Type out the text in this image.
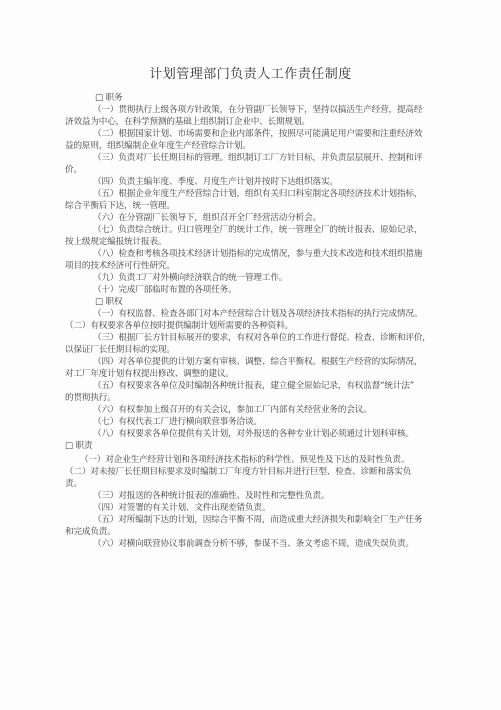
计划管理部门负责人工作责任制度
□ 职务
（一）贯彻执行上级各项方针政策，在分管副厂长领导下，坚持以搞活生产经营，提高经
济效益为中心，在科学预测的基础上组织制订企业中、长期规划。
（二）根据国家计划、市场需要和企业内部条件，按照尽可能满足用户需要和注重经济效
益的原则，组织编制企业年度生产经营综合计划。
（三）负责对厂长任期目标的管理。组织制订工厂方针目标，并负责层层展开、控制和评
价。
（四）负责主编年度、季度、月度生产计划并按时下达组织落实。
（五）根据企业年度生产经营综合计划，组织有关归口科室制定各项经济技术计划指标，
综合平衡后下达，统一管理。
（六）在分管副厂长领导下，组织召开全厂经营活动分析会。
（七）负责综合统计。归口管理全厂的统计工作，统一管理全厂的统计报表、原始记录，
按上级规定编报统计报表。
（八）检查和考核各项技术经济计划指标的完成情况，参与重大技术改造和技术组织措施
项目的技术经济可行性研究。
（九）负责工厂对外横向经济联合的统一管理工作。
（十）完成厂部临时布置的各项任务。
□ 职权
（一）有权监督、检查各部门对本产经营综合计划及各项经济技术指标的执行完成情况。
（二）有权要求各单位按时提供编制计划所需要的各种资料。
（三）根据厂长方针目标展开的要求，有权对各单位的工作进行督促、检查、诊断和评价，
以保证厂长任期目标的实现。
（四）对各单位提供的计划方案有审核、调整、综合平衡权。根据生产经营的实际情况，
对工厂年度计划有权提出修改、调整的建议。
（五）有权要求各单位及时编制各种统计报表，建立健全原始记录，有权监督“统计法”
的贯彻执行。
（六）有权参加上级召开的有关会议，参加工厂内部有关经营业务的会议。
（七）有权代表工厂进行横向联营事务洽谈。
（八）有权要求各单位提供有关计划，对外报送的各种专业计划必须通过计划科审核。
□ 职责
（一）对企业生产经营计划和各项经济技术指标的科学性、预见性及下达的及时性负责。
（二）对未按厂长任期目标要求及时编制工厂年度方针目标并进行巨型、检查、诊断和落实负
责。
（三）对报送的各种统计报表的准确性、及时性和完整性负责。
（四）对签署的有关计划、文件出现差错负责。
（五）对所编制下达的计划，因综合平衡不周，而造成重大经济损失和影响全厂生产任务
和完成负责。
（六）对横向联营协议事前调查分析不够，参谋不当、条文考虑不周，造成失误负责。
